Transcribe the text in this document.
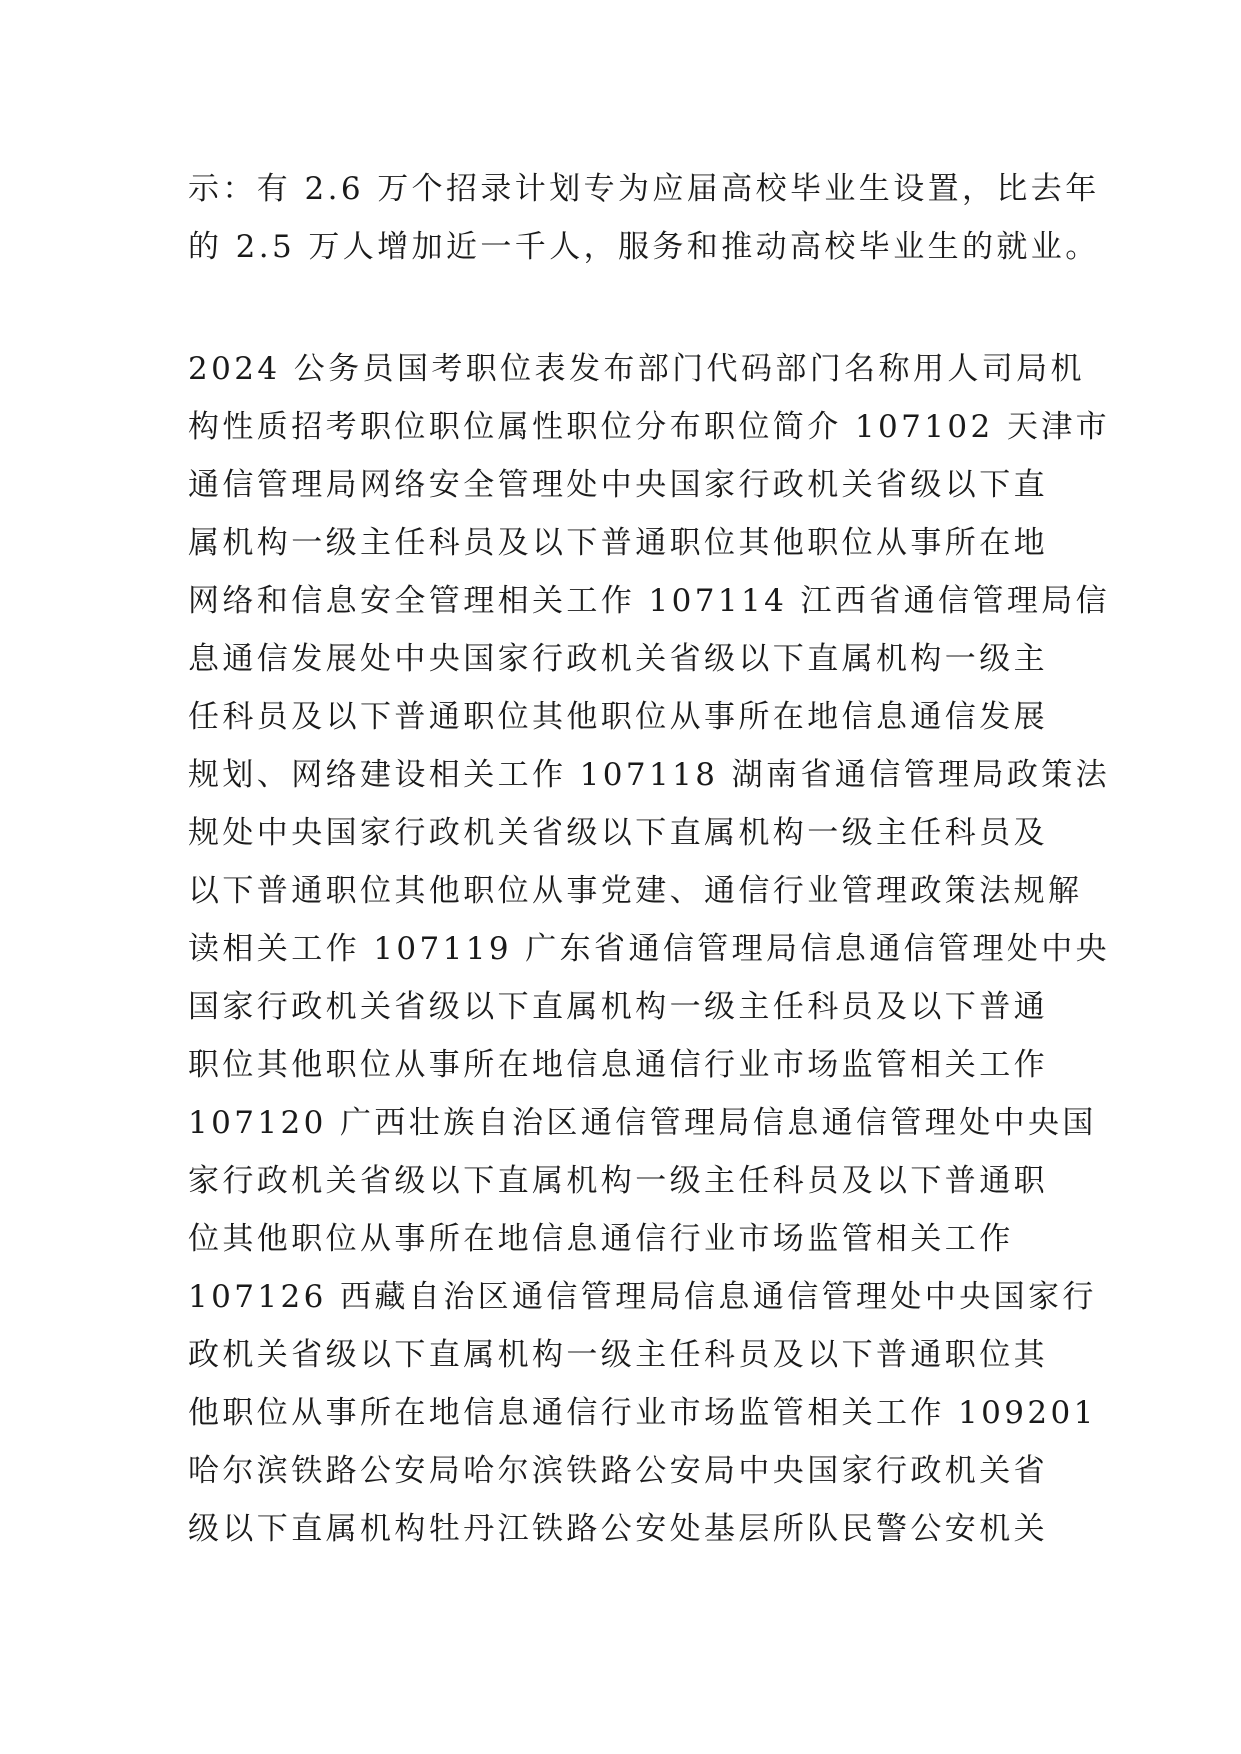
示：有 2.6 万个招录计划专为应届高校毕业生设置，比去年
的 2.5 万人增加近一千人，服务和推动高校毕业生的就业。

2024 公务员国考职位表发布部门代码部门名称用人司局机
构性质招考职位职位属性职位分布职位简介 107102 天津市
通信管理局网络安全管理处中央国家行政机关省级以下直
属机构一级主任科员及以下普通职位其他职位从事所在地
网络和信息安全管理相关工作 107114 江西省通信管理局信
息通信发展处中央国家行政机关省级以下直属机构一级主
任科员及以下普通职位其他职位从事所在地信息通信发展
规划、网络建设相关工作 107118 湖南省通信管理局政策法
规处中央国家行政机关省级以下直属机构一级主任科员及
以下普通职位其他职位从事党建、通信行业管理政策法规解
读相关工作 107119 广东省通信管理局信息通信管理处中央
国家行政机关省级以下直属机构一级主任科员及以下普通
职位其他职位从事所在地信息通信行业市场监管相关工作
107120 广西壮族自治区通信管理局信息通信管理处中央国
家行政机关省级以下直属机构一级主任科员及以下普通职
位其他职位从事所在地信息通信行业市场监管相关工作
107126 西藏自治区通信管理局信息通信管理处中央国家行
政机关省级以下直属机构一级主任科员及以下普通职位其
他职位从事所在地信息通信行业市场监管相关工作 109201
哈尔滨铁路公安局哈尔滨铁路公安局中央国家行政机关省
级以下直属机构牡丹江铁路公安处基层所队民警公安机关
